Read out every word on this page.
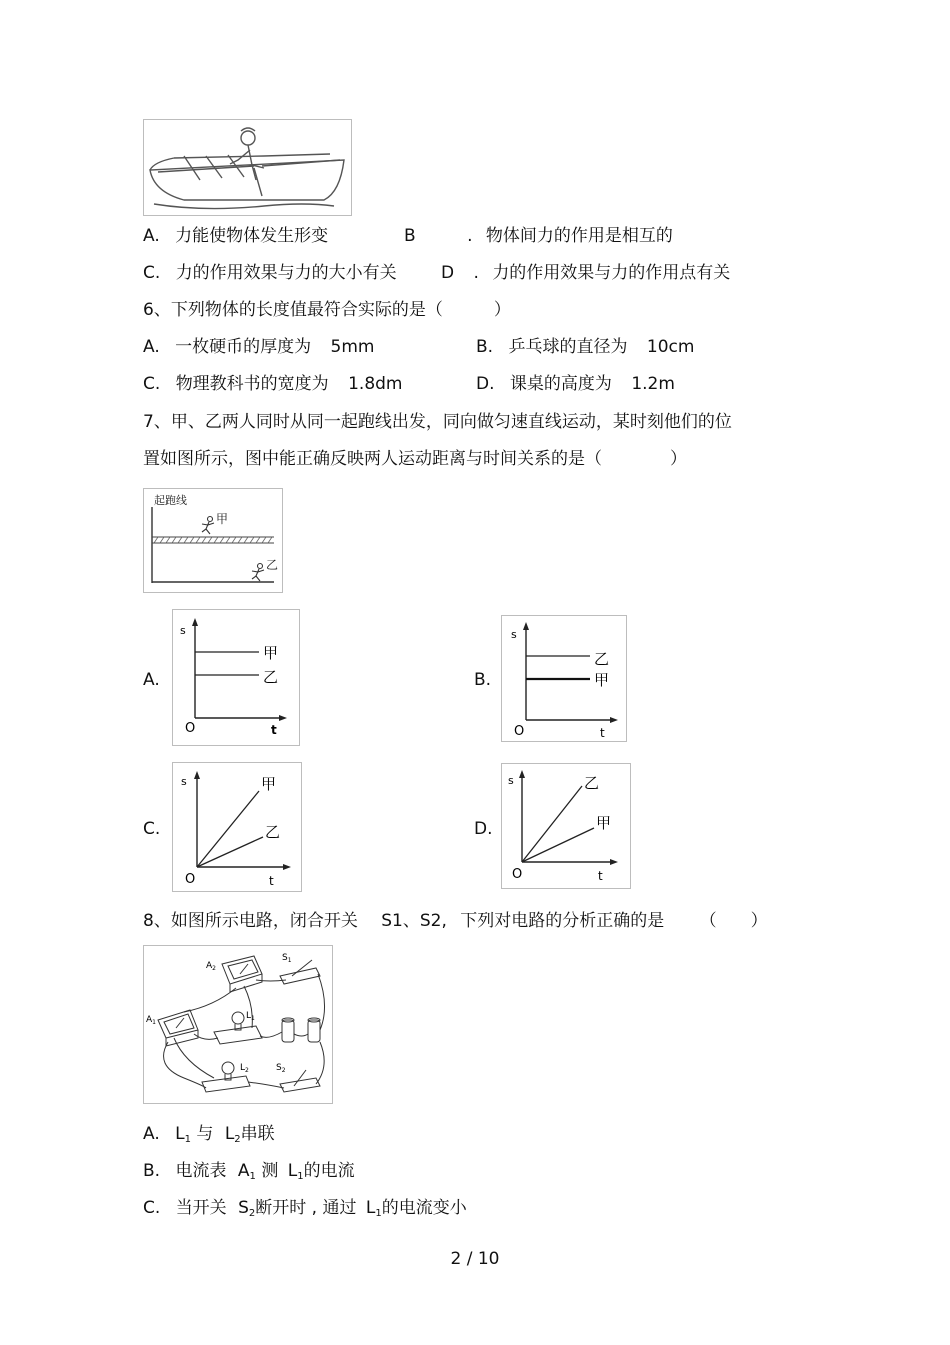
A. 力能使物体发生形变	B	. 物体间力的作用是相互的
C. 力的作用效果与力的大小有关	D . 力的作用效果与力的作用点有关
6、下列物体的长度值最符合实际的是（　　　）
A. 一枚硬币的厚度为 5mm	B. 乒乓球的直径为 10cm
C. 物理教科书的宽度为 1.8dm	D. 课桌的高度为 1.2m
7、甲、乙两人同时从同一起跑线出发，同向做匀速直线运动，某时刻他们的位
置如图所示，图中能正确反映两人运动距离与时间关系的是（　　　　）
起跑线
甲
乙
A.
s
t
O
甲
乙	B.
s
t
O
乙
甲
C.
s
t
O
甲
乙	D.
s
t
O
乙
甲
8、如图所示电路，闭合开关 S1、S2, 下列对电路的分析正确的是 （　　）
$A_2$
$A_1$
$S_1$
$L_1$
$L_2$	$S_2$
A. $L_1$ 与 $L_2$串联
B. 电流表 $A_1$ 测 $L_1$的电流
C. 当开关 $S_2$断开时 , 通过 $L_1$的电流变小
2 / 10
